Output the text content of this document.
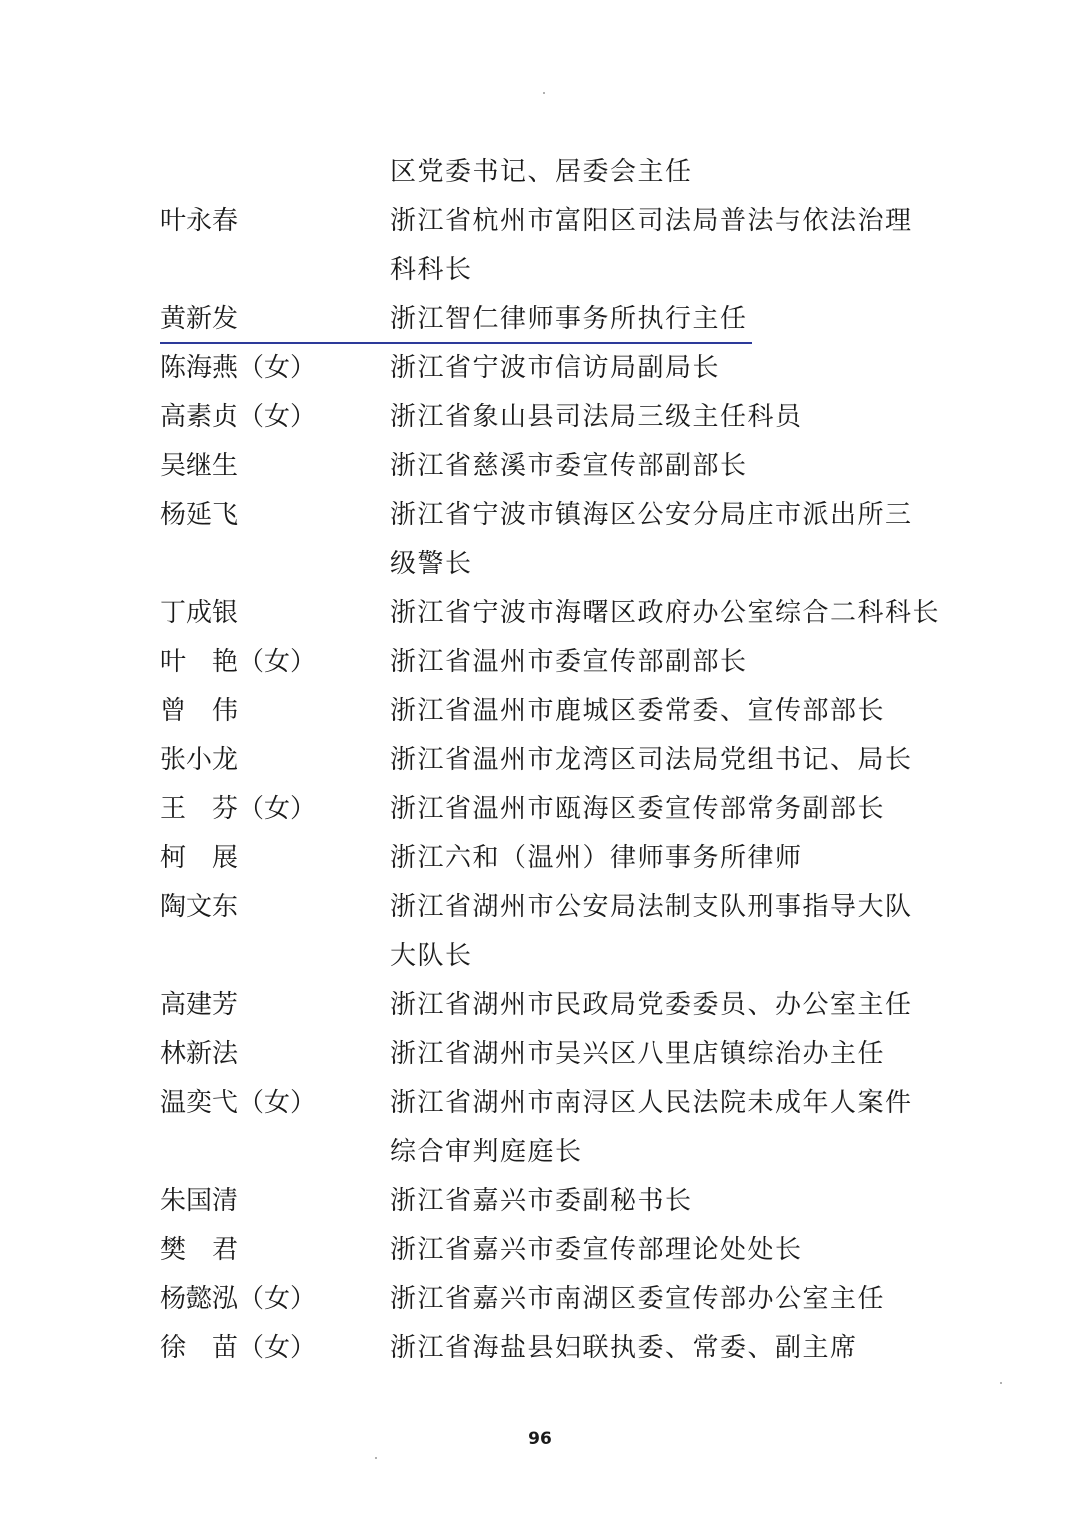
区党委书记、居委会主任
叶永春	浙江省杭州市富阳区司法局普法与依法治理
科科长
黄新发	浙江智仁律师事务所执行主任
陈海燕（女）	浙江省宁波市信访局副局长
高素贞（女）	浙江省象山县司法局三级主任科员
吴继生	浙江省慈溪市委宣传部副部长
杨延飞	浙江省宁波市镇海区公安分局庄市派出所三
级警长
丁成银	浙江省宁波市海曙区政府办公室综合二科科长
叶　艳（女）	浙江省温州市委宣传部副部长
曾　伟	浙江省温州市鹿城区委常委、宣传部部长
张小龙	浙江省温州市龙湾区司法局党组书记、局长
王　芬（女）	浙江省温州市瓯海区委宣传部常务副部长
柯　展	浙江六和（温州）律师事务所律师
陶文东	浙江省湖州市公安局法制支队刑事指导大队
大队长
高建芳	浙江省湖州市民政局党委委员、办公室主任
林新法	浙江省湖州市吴兴区八里店镇综治办主任
温奕弋（女）	浙江省湖州市南浔区人民法院未成年人案件
综合审判庭庭长
朱国清	浙江省嘉兴市委副秘书长
樊　君	浙江省嘉兴市委宣传部理论处处长
杨懿泓（女）	浙江省嘉兴市南湖区委宣传部办公室主任
徐　苗（女）	浙江省海盐县妇联执委、常委、副主席
96
